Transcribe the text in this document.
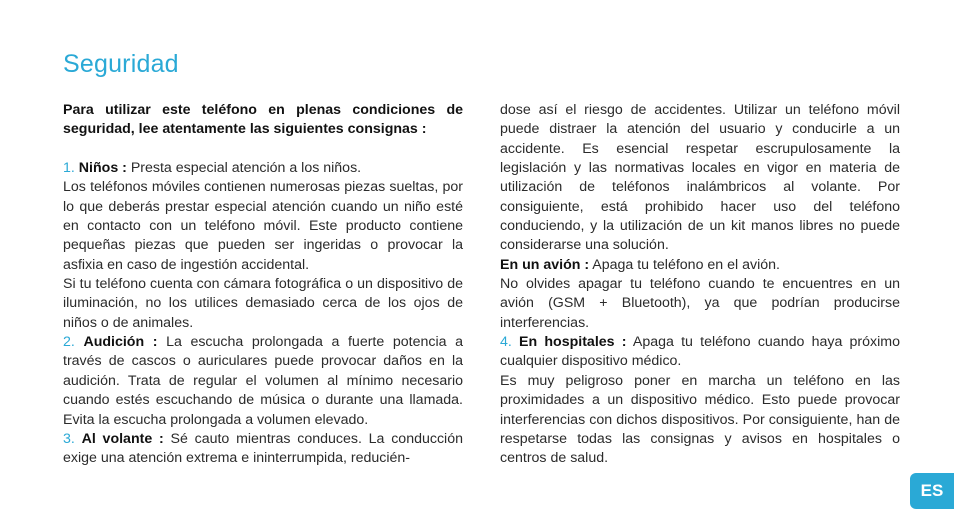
Seguridad

Para utilizar este teléfono en plenas condiciones de seguridad, lee atentamente las siguientes consignas :

1. Niños : Presta especial atención a los niños.

Los teléfonos móviles contienen numerosas piezas sueltas, por lo que deberás prestar especial atención cuando un niño esté en contacto con un teléfono móvil. Este producto contiene pequeñas piezas que pueden ser ingeridas o provocar la asfixia en caso de ingestión accidental.

Si tu teléfono cuenta con cámara fotográfica o un dispositivo de iluminación, no los utilices demasiado cerca de los ojos de niños o de animales.

2. Audición : La escucha prolongada a fuerte potencia a través de cascos o auriculares puede provocar daños en la audición. Trata de regular el volumen al mínimo necesario cuando estés escuchando de música o durante una llamada. Evita la escucha prolongada a volumen elevado.

3. Al volante : Sé cauto mientras conduces. La conducción exige una atención extrema e ininterrumpida, reducién-

dose así el riesgo de accidentes. Utilizar un teléfono móvil puede distraer la atención del usuario y conducirle a un accidente. Es esencial respetar escrupulosamente la legislación y las normativas locales en vigor en materia de utilización de teléfonos inalámbricos al volante. Por consiguiente, está prohibido hacer uso del teléfono conduciendo, y la utilización de un kit manos libres no puede considerarse una solución.

En un avión : Apaga tu teléfono en el avión.

No olvides apagar tu teléfono cuando te encuentres en un avión (GSM + Bluetooth), ya que podrían producirse interferencias.

4. En hospitales : Apaga tu teléfono cuando haya próximo cualquier dispositivo médico.

Es muy peligroso poner en marcha un teléfono en las proximidades a un dispositivo médico. Esto puede provocar interferencias con dichos dispositivos. Por consiguiente, han de respetarse todas las consignas y avisos en hospitales o centros de salud.

ES
